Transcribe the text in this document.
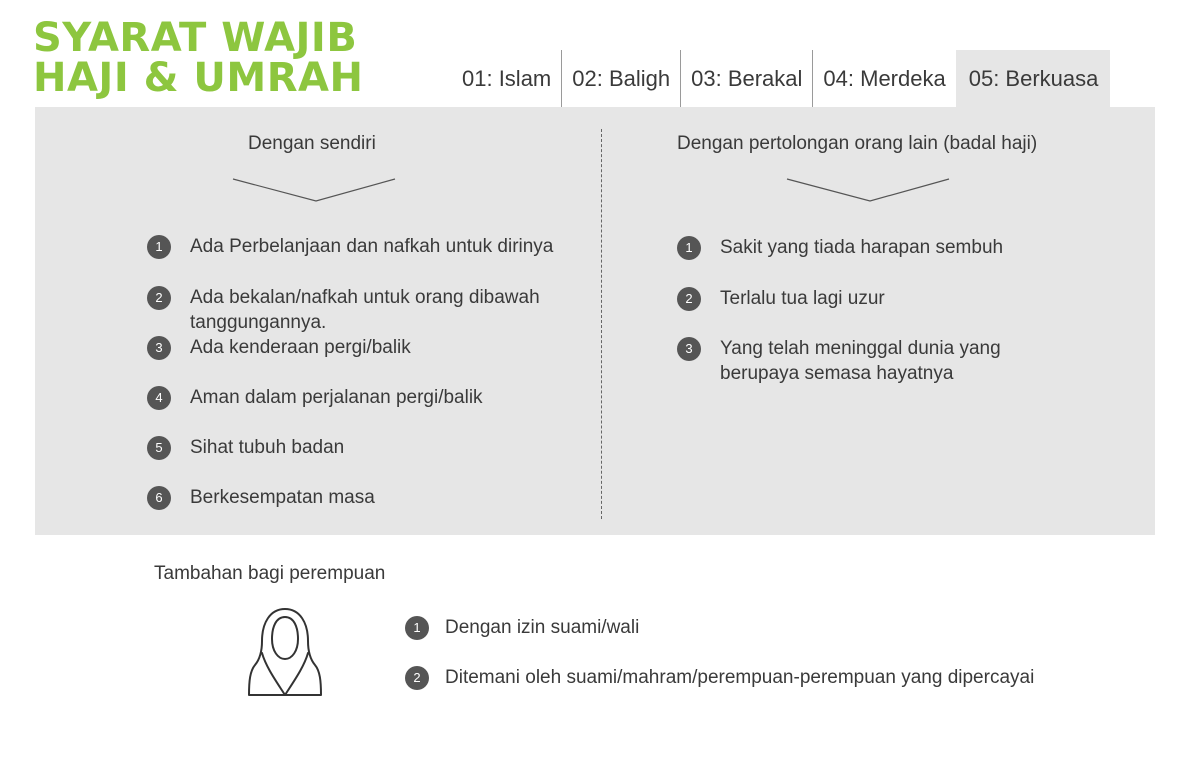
SYARAT WAJIB
HAJI & UMRAH	01: Islam 02: Baligh 03: Berakal 04: Merdeka	05: Berkuasa
Dengan sendiri
1	Ada Perbelanjaan dan nafkah untuk dirinya
2	Ada bekalan/nafkah untuk orang dibawah tanggungannya.
3	Ada kenderaan pergi/balik
4	Aman dalam perjalanan pergi/balik
5	Sihat tubuh badan
6	Berkesempatan masa
Dengan pertolongan orang lain (badal haji)
1	Sakit yang tiada harapan sembuh
2	Terlalu tua lagi uzur
3	Yang telah meninggal dunia yang berupaya semasa hayatnya
Tambahan bagi perempuan
1	Dengan izin suami/wali
2	Ditemani oleh suami/mahram/perempuan-perempuan yang dipercayai
